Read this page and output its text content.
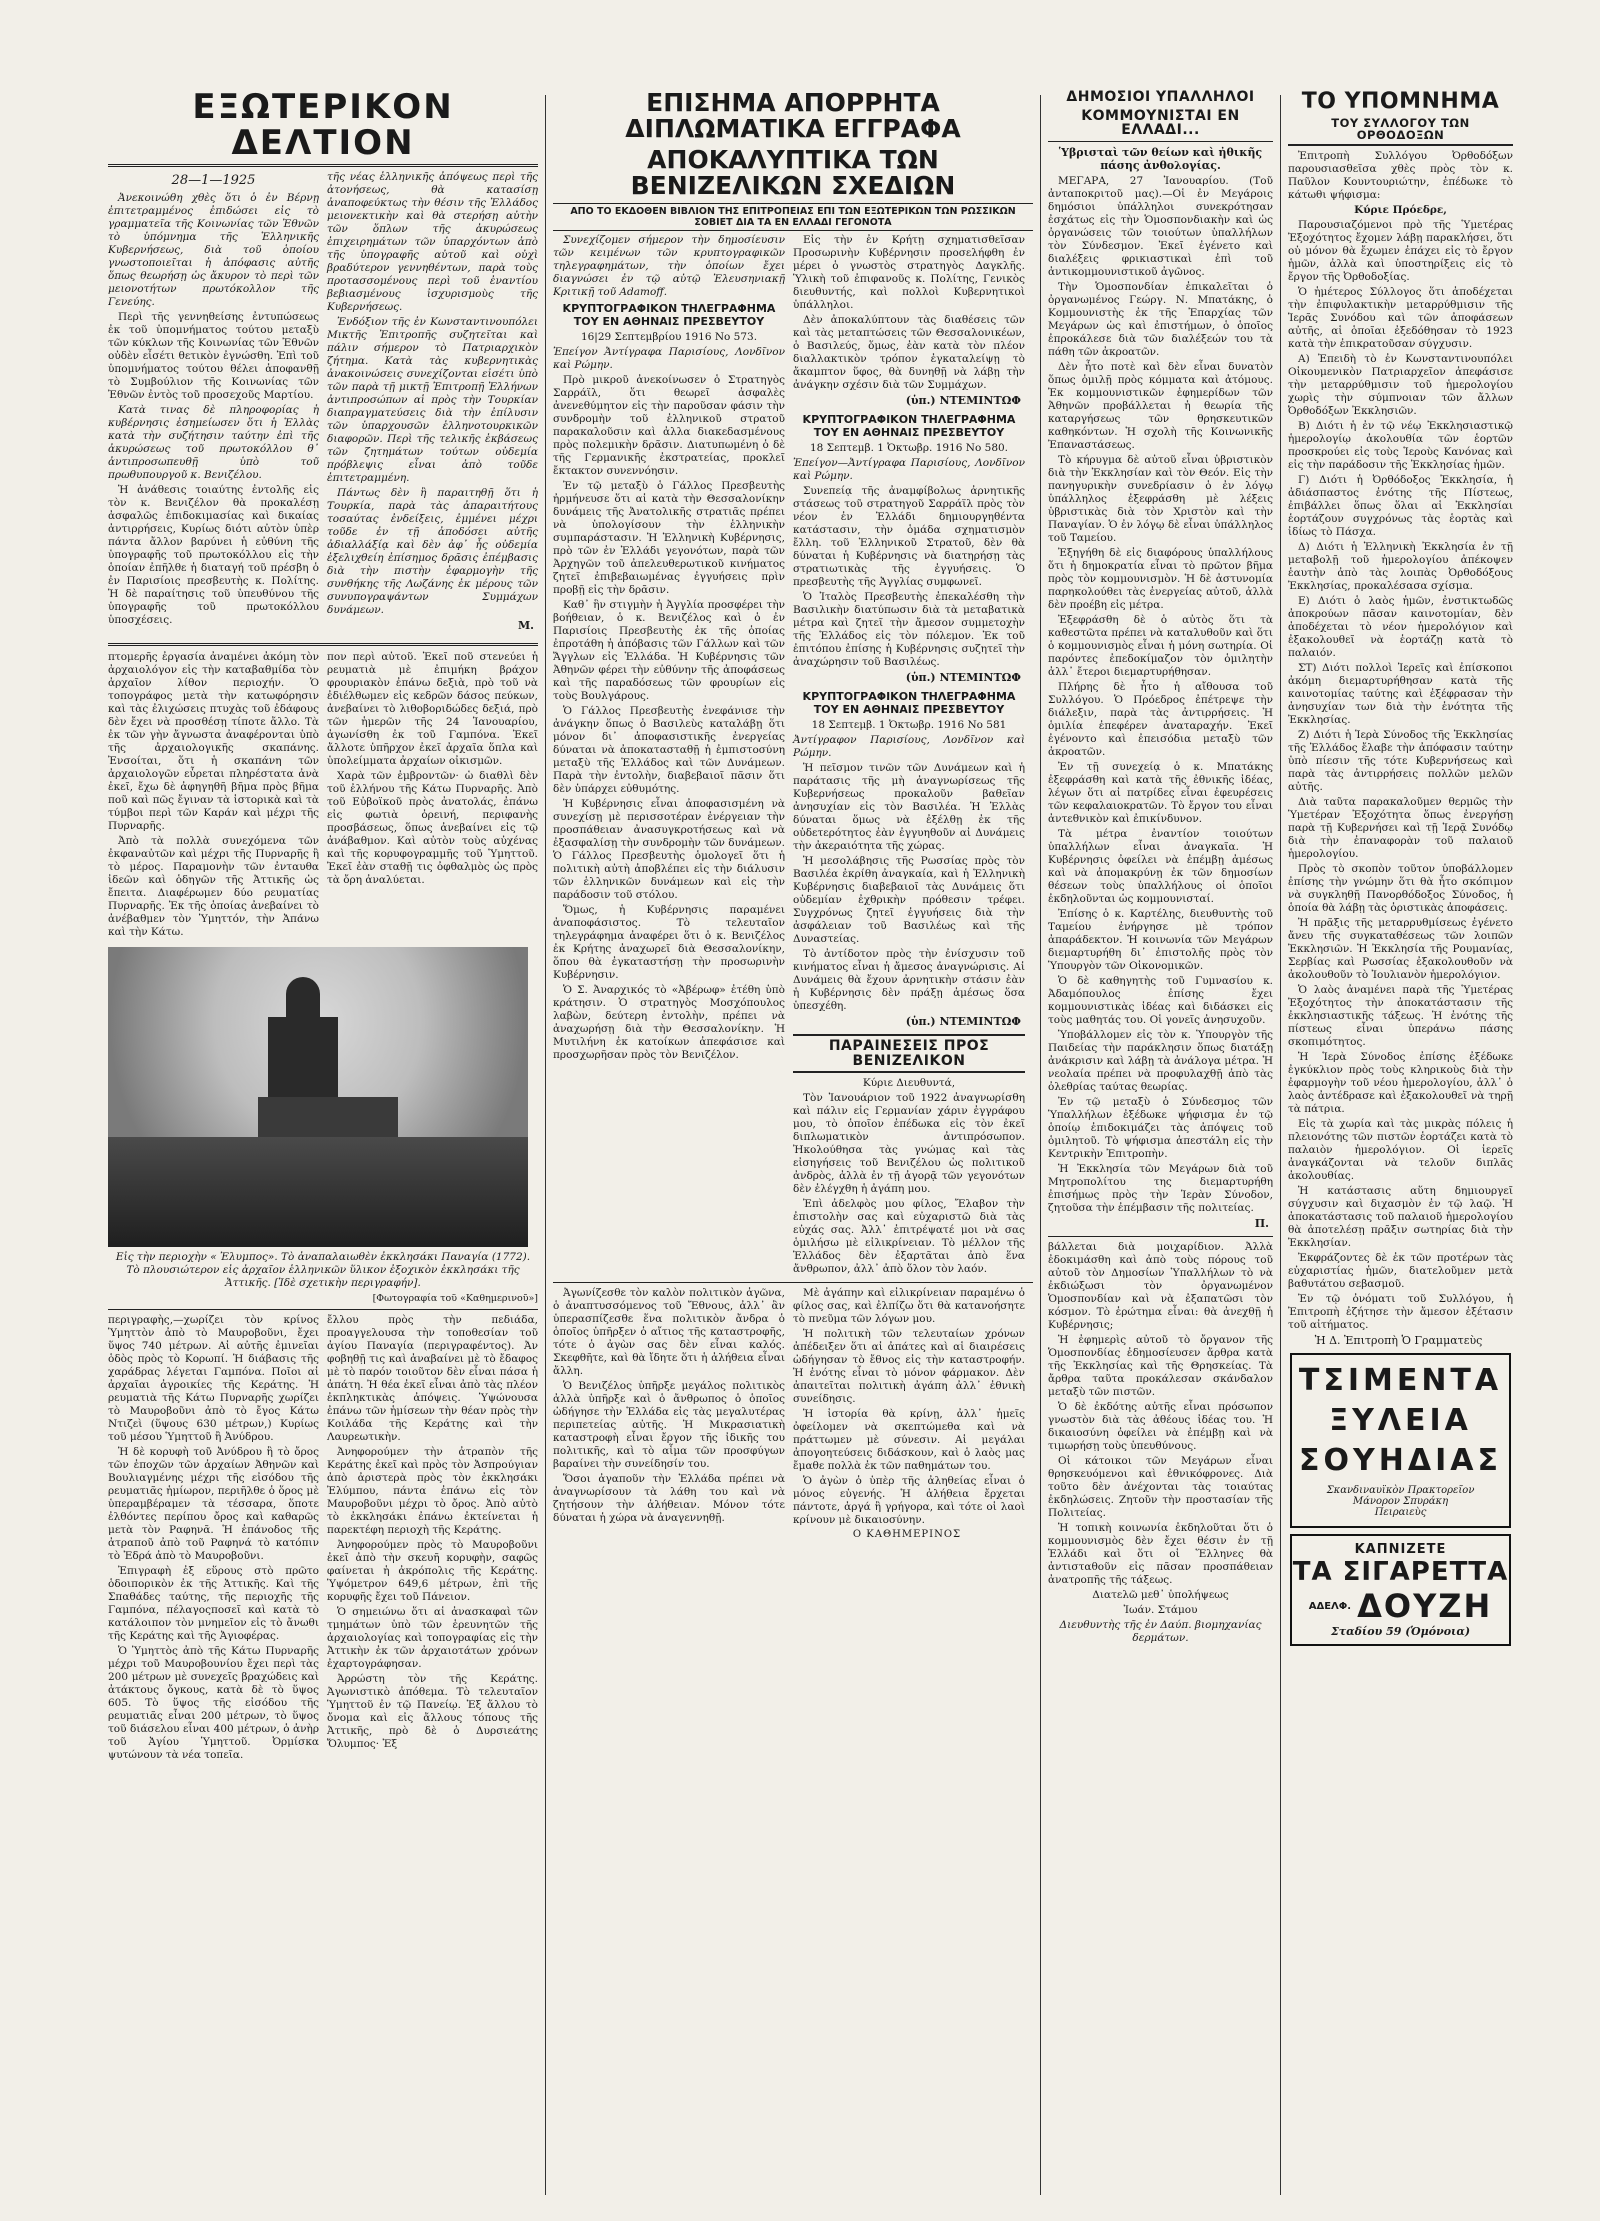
ΕΞΩΤΕΡΙΚΟΝ ΔΕΛΤΙΟΝ
28—1—1925

Ἀνεκοινώθη χθὲς ὅτι ὁ ἐν Βέρνῃ ἐπιτετραμμένος ἐπιδώσει εἰς τὸ γραμματεῖα τῆς Κοινωνίας τῶν Ἐθνῶν τὸ ὑπόμνημα τῆς Ἑλληνικῆς Κυβερνήσεως, διὰ τοῦ ὁποίου γνωστοποιεῖται ἡ ἀπόφασις αὐτῆς ὅπως θεωρήσῃ ὡς ἄκυρον τὸ περὶ τῶν μειονοτήτων πρωτόκολλον τῆς Γενεύης.

Περὶ τῆς γεννηθείσης ἐντυπώσεως ἐκ τοῦ ὑπομνήματος τούτου μεταξὺ τῶν κύκλων τῆς Κοινωνίας τῶν Ἐθνῶν οὐδὲν εἶσέτι θετικὸν ἐγνώσθη. Ἐπὶ τοῦ ὑπομνήματος τούτου θέλει ἀποφανθῇ τὸ Συμβούλιον τῆς Κοινωνίας τῶν Ἐθνῶν ἐντὸς τοῦ προσεχοῦς Μαρτίου.

Κατὰ τινας δὲ πληροφορίας ἡ κυβέρνησις ἐσημείωσεν ὅτι ἡ Ἑλλὰς κατὰ τὴν συζήτησιν ταύτην ἐπὶ τῆς ἀκυρώσεως τοῦ πρωτοκόλλου θ᾽ ἀντιπροσωπευθῇ ὑπὸ τοῦ πρωθυπουργοῦ κ. Βενιζέλου.

Ἡ ἀνάθεσις τοιαύτης ἐντολῆς εἰς τὸν κ. Βενιζέλον θὰ προκαλέσῃ ἀσφαλῶς ἐπιδοκιμασίας καὶ δικαίας ἀντιρρήσεις, Κυρίως διότι αὐτὸν ὑπὲρ πάντα ἄλλον βαρύνει ἡ εὐθύνη τῆς ὑπογραφῆς τοῦ πρωτοκόλλου εἰς τὴν ὁποίαν ἐπῆλθε ἡ διαταγή τοῦ πρέσβη ὁ ἐν Παρισίοις πρεσβευτὴς κ. Πολίτης. Ἡ δὲ παραίτησις τοῦ ὑπευθύνου τῆς ὑπογραφῆς τοῦ πρωτοκόλλου ὑποσχέσεις.

τῆς νέας ἑλληνικῆς ἀπόψεως περὶ τῆς ἀτονήσεως, θὰ κατασίσῃ ἀναποφεύκτως τὴν θέσιν τῆς Ἑλλάδος μειονεκτικὴν καὶ θὰ στερήσῃ αὐτὴν τῶν ὅπλων τῆς ἀκυρώσεως ἐπιχειρημάτων τῶν ὑπαρχόντων ἀπὸ τῆς ὑπογραφῆς αὐτοῦ καὶ οὐχὶ βραδύτερον γεννηθέντων, παρὰ τοὺς προτασσομένους περὶ τοῦ ἐναντίου βεβιασμένους ἰσχυρισμοὺς τῆς Κυβερνήσεως.

Ἐνδόξιον τῆς ἐν Κωνσταντινουπόλει Μικτῆς Ἐπιτροπῆς συζητεῖται καὶ πάλιν σήμερον τὸ Πατριαρχικὸν ζήτημα. Κατὰ τὰς κυβερνητικὰς ἀνακοινώσεις συνεχίζονται εἰσέτι ὑπὸ τῶν παρὰ τῇ μικτῇ Ἐπιτροπῇ Ἑλλήνων ἀντιπροσώπων αἱ πρὸς τὴν Τουρκίαν διαπραγματεύσεις διὰ τὴν ἐπίλυσιν τῶν ὑπαρχουσῶν ἑλληνοτουρκικῶν διαφορῶν. Περὶ τῆς τελικῆς ἐκβάσεως τῶν ζητημάτων τούτων οὐδεμία πρόβλεψις εἶναι ἀπὸ τοῦδε ἐπιτετραμμένη.

Πάντως δὲν ἢ παραιτηθῇ ὅτι ἡ Τουρκία, παρὰ τὰς ἀπαραιτήτους τοσαύτας ἐνδείξεις, ἐμμένει μέχρι τοῦδε ἐν τῇ ἀποδόσει αὐτῆς ἀδιαλλάξίᾳ καὶ δὲν ἀφ᾽ ἧς οὐδεμία ἐξελιχθείη ἐπίσημος δρᾶσις ἐπέμβασις διὰ τὴν πιστὴν ἐφαρμογὴν τῆς συνθήκης τῆς Λωζάνης ἐκ μέρους τῶν συνυπογραψάντων Συμμάχων δυνάμεων.

Μ.

πτομερῆς ἐργασία ἀναμένει ἀκόμη τὸν ἀρχαιολόγον εἰς τὴν καταβαθμίδα τὸν ἀρχαῖον λίθον περιοχήν. Ὁ τοπογράφος μετὰ τὴν κατωφόρησιν καὶ τὰς ἐλιχώσεις πτυχὰς τοῦ ἐδάφους δὲν ἔχει νὰ προσθέσῃ τίποτε ἄλλο. Τὰ ἐκ τῶν γὴν ἄγνωστα ἀναφέρονται ὑπὸ τῆς ἀρχαιολογικῆς σκαπάνης. Ἐνσοίται, ὅτι ἡ σκαπάνη τῶν ἀρχαιολογῶν εὗρεται πληρέστατα ἀνὰ ἐκεῖ, ἔχω δὲ ἀφηγηθῆ βῆμα πρὸς βῆμα ποῦ καὶ πῶς ἔγιναν τὰ ἱστορικὰ καὶ τὰ τύμβοι περὶ τῶν Καράν καὶ μέχρι τῆς Πυρναρῆς.

Ἀπὸ τὰ πολλὰ συνεχόμενα τῶν ἐκφαναὐτῶν καὶ μέχρι τῆς Πυρναρῆς ἢ τὸ μέρος. Παραμονὴν τῶν ἐνταυθα ἰδεῶν καὶ ὁδηγῶν τῆς Ἀττικῆς ὡς ἔπειτα. Διαφέρωμεν δύο ρευματίας Πυρναρῆς. Ἐκ τῆς ὁποίας ἀνεβαίνει τὸ ἀνέβαθμεν τὸν Ὑμηττόν, τὴν Ἀπάνω καὶ τὴν Κάτω.

πον περὶ αὐτοῦ. Ἐκεῖ ποῦ στενεύει ἡ ρευματιὰ μὲ ἐπιμήκη βράχον φρουριακὸν ἐπάνω δεξιὰ, πρὸ τοῦ νὰ ἐδιέλθωμεν εἰς κεδρῶν δάσος πεύκων, ἀνεβαίνει τὸ λιθοβοριδώδες δεξιά, πρὸ τῶν ἡμερῶν τῆς 24 Ἰανουαρίου, ἀγωνίσθη ἐκ τοῦ Γαμπόνα. Ἐκεῖ ἄλλοτε ὑπῆρχον ἐκεῖ ἀρχαῖα ὅπλα καὶ ὑπολείμματα ἀρχαίων οἰκισμῶν.

Χαρὰ τῶν ἐμβροντῶν· ὡ διαθλὶ δὲν τοῦ ἐλλήνου τῆς Κάτω Πυρναρῆς. Ἀπὸ τοῦ Εὐβοϊκοῦ πρὸς ἀνατολάς, ἐπάνω εἰς φωτιὰ ὀρεινή, περιφανὴς προσβάσεως, ὅπως ἀνεβαίνει εἰς τῷ ἀνάβαθμον. Καὶ αὐτὸν τοὺς αὐχένας καὶ τῆς κορυφογραμμῆς τοῦ Ὑμηττοῦ. Ἐκεῖ ἐὰν σταθῇ τις ὀφθαλμὸς ὡς πρὸς τὰ ὄρη ἀναλύεται.

Εἰς τὴν περιοχὴν « Ἐλυμπος». Τὸ ἀναπαλαιωθὲν ἐκκλησάκι Παναγία (1772). Τὸ πλουσιώτερον εἰς ἀρχαῖον ἑλληνικῶν ὕλικον ἐξοχικὸν ἐκκλησάκι τῆς Ἀττικῆς. [Ἰδὲ σχετικὴν περιγραφήν].
[Φωτογραφία τοῦ «Καθημερινοῦ»]

περιγραφὴς,—χωρίζει τὸν κρίνος Ὑμηττὸν ἀπὸ τὸ Μαυροβοῦνι, ἔχει ὕψος 740 μέτρων. Αἱ αὐτῆς ἐμινεῖαι ὁδὸς πρὸς τὸ Κορωπί. Ἡ διάβασις τῆς χαράδρας λέγεται Γαμπόνα. Ποῖοι αἱ ἀρχαῖαι ἀγροικίες τῆς Κεράτης. Ἡ ρευματιὰ τῆς Κάτω Πυρναρῆς χωρίζει τὸ Μαυροβοῦνι ἀπὸ τὸ ἔγος Κάτω Ντιζεὶ (ὕψους 630 μέτρων,) Κυρίως τοῦ μέσου Ὑμηττοῦ ἢ Ἀνύδρου.

Ἡ δὲ κορυφὴ τοῦ Ἀνύδρου ἢ τὸ ὄρος τῶν ἐποχῶν τῶν ἀρχαίων Ἀθηνῶν καὶ Βουλιαγμένης μέχρι τῆς εἰσόδου τῆς ρευματιᾶς ἡμίωρον, περιῆλθε ὁ ὅρος μὲ ὑπεραμβέραμεν τὰ τέσσαρα, ὅποτε ἐλθόντες περίπου ὄρος καὶ καθαρῶς μετὰ τὸν Ραφηνᾶ. Ἡ ἐπάνοδος τῆς ἀτραποῦ ἀπὸ τοῦ Ραφηνά τὸ κατόπιν τὸ Ἐδρά ἀπὸ τὸ Μαυροβοῦνι.

Ἐπιγραφὴ ἐξ εὕρους στὸ πρῶτο ὁδοιπορικὸν ἐκ τῆς Ἀττικῆς. Καὶ τῆς Σπαθάδες ταύτης, τῆς περιοχῆς τῆς Γαμπόνα, πέλαγοςποσεῖ καὶ κατὰ τὸ κατάλοιπον τὸν μνημεῖον εἰς τὸ ἄνωθι τῆς Κεράτης καὶ τῆς Ἀγιοφέρας.

Ὁ Ὑμηττὸς ἀπὸ τῆς Κάτω Πυρναρῆς μέχρι τοῦ Μαυροβουνίου ἔχει περὶ τὰς 200 μέτρων μὲ συνεχεῖς βραχώδεις καὶ ἀτάκτους ὄγκους, κατὰ δὲ τὸ ὕψος 605. Τὸ ὕψος τῆς εἰσόδου τῆς ρευματιᾶς εἶναι 200 μέτρων, τὸ ὕψος τοῦ διάσελου εἶναι 400 μέτρων, ὁ ἀνὴρ τοῦ Ἀγίου Ὑμηττοῦ. Ὀρμίσκα ψυτώνουν τὰ νέα τοπεῖα.

ἔλλου πρὸς τὴν πεδιάδα, προαγγελουσα τὴν τοποθεσίαν τοῦ ἀγίου Παναγία (περιγραφέντος). Ἀν φοβηθῇ τις καὶ ἀναβαίνει μὲ τὸ ἔδαφος μὲ τὸ παρόν τοιοῦτον δὲν εἶναι πάσα ἡ ἀπάτη. Ἠ θέα ἐκεῖ εἶναι ἀπὸ τὰς πλέον ἐκπληκτικὰς ἀπόψεις. Ὑψώνουσα ἐπάνω τῶν ἡμίσεων τὴν θέαν πρὸς τὴν Κοιλάδα τῆς Κεράτης καὶ τὴν Λαυρεωτικὴν.

Ἀνηφορούμεν τὴν ἀτραπὸν τῆς Κεράτης ἐκεῖ καὶ πρὸς τὸν Ἀσπρούγιαν ἀπὸ ἀριστερὰ πρὸς τὸν ἐκκλησάκι Ἐλύμπου, πάντα ἐπάνω εἰς τὸν Μαυροβοῦνι μέχρι τὸ ὄρος. Ἀπὸ αὐτὸ τὸ ἐκκλησάκι ἐπάνω ἐκτείνεται ἡ παρεκτέφη περιοχὴ τῆς Κεράτης.

Ἀνηφορούμεν πρὸς τὸ Μαυροβοῦνι ἐκεῖ ἀπὸ τὴν σκευῆ κορυφὴν, σαφῶς φαίνεται ἡ ἀκρόπολις τῆς Κεράτης. Ὑψόμετρον 649,6 μέτρων, ἐπὶ τῆς κορυφῆς ἔχει τοῦ Πάνειον.

Ὁ σημειώνω ὅτι αἱ ἀνασκαφαὶ τῶν τμημάτων ὑπὸ τῶν ἑρευνητῶν τῆς ἀρχαιολογίας καὶ τοπογραφίας εἰς τὴν Ἀττικὴν ἐκ τῶν ἀρχαιοτάτων χρόνων ἐχαρτογράφησαν.

Ἀρρώστη τὸν τῆς Κεράτης. Ἀγωνιστικὸ ἀπόθεμα. Τὸ τελευταῖον Ὑμηττοῦ ἐν τῷ Πανείῳ. Ἐξ ἄλλου τὸ ὄνομα καὶ εἰς ἄλλους τόπους τῆς Ἀττικῆς, πρὸ δὲ ὁ Δυρσιεάτης Ὄλυμπος· Ἐξ

ΕΠΙΣΗΜΑ ΑΠΟΡΡΗΤΑ ΔΙΠΛΩΜΑΤΙΚΑ ΕΓΓΡΑΦΑ
ΑΠΟΚΑΛΥΠΤΙΚΑ ΤΩΝ ΒΕΝΙΖΕΛΙΚΩΝ ΣΧΕΔΙΩΝ
ΑΠΟ ΤΟ ΕΚΔΟΘΕΝ ΒΙΒΛΙΟΝ ΤΗΣ ΕΠΙΤΡΟΠΕΙΑΣ ΕΠΙ ΤΩΝ ΕΞΩΤΕΡΙΚΩΝ ΤΩΝ ΡΩΣΣΙΚΩΝ ΣΟΒΙΕΤ ΔΙΑ ΤΑ ΕΝ ΕΛΛΑΔΙ ΓΕΓΟΝΟΤΑ

Συνεχίζομεν σήμερον τὴν δημοσίευσιν τῶν κειμένων τῶν κρυπτογραφικῶν τηλεγραφημάτων, τὴν ὁποίων ἔχει διαγνώσει ἐν τῷ αὐτῷ Ἐλευσηνιακῇ Κριτικῇ τοῦ Adamoff.

ΚΡΥΠΤΟΓΡΑΦΙΚΟΝ ΤΗΛΕΓΡΑΦΗΜΑ ΤΟΥ ΕΝ ΑΘΗΝΑΙΣ ΠΡΕΣΒΕΥΤΟΥ

16|29 Σεπτεμβρίου 1916 Νο 573.

Ἐπείγον Ἀντίγραφα Παρισίους, Λονδῖνον καὶ Ρώμην.

Πρὸ μικροῦ ἀνεκοίνωσεν ὁ Στρατηγὸς Σαρράϊλ, ὅτι θεωρεῖ ἀσφαλὲς ἀνενεθύμητον εἰς τὴν παροῦσαν φάσιν τὴν συνδρομὴν τοῦ ἑλληνικοῦ στρατοῦ παρακαλοῦσιν καὶ ἀλλα διακεδασμένους πρὸς πολεμικὴν δρᾶσιν. Διατυπωμένη ὁ δὲ τῆς Γερμανικῆς ἐκστρατείας, προκλεῖ ἔκτακτον συνεννόησιν.

Ἐν τῷ μεταξὺ ὁ Γάλλος Πρεσβευτὴς ἠρμήνευσε ὅτι αἱ κατὰ τὴν Θεσσαλονίκην δυνάμεις τῆς Ἀνατολικῆς στρατιᾶς πρέπει νὰ ὑπολογίσουν τὴν ἑλληνικὴν συμπαράστασιν. Ἡ Ἑλληνικὴ Κυβέρνησις, πρὸ τῶν ἐν Ἑλλάδι γεγονότων, παρὰ τῶν Ἀρχηγῶν τοῦ ἀπελευθερωτικοῦ κινήματος ζητεῖ ἐπιβεβαιωμένας ἐγγυήσεις πρὶν προβῇ εἰς τὴν δρᾶσιν.

Καθ᾽ ἣν στιγμὴν ἡ Ἀγγλία προσφέρει τὴν βοήθειαν, ὁ κ. Βενιζέλος καὶ ὁ ἐν Παρισίοις Πρεσβευτὴς ἐκ τῆς ὁποίας ἐπροτάθη ἡ ἀπόβασις τῶν Γάλλων καὶ τῶν Ἄγγλων εἰς Ἑλλάδα. Ἡ Κυβέρνησις τῶν Ἀθηνῶν φέρει τὴν εὐθύνην τῆς ἀποφάσεως καὶ τῆς παραδόσεως τῶν φρουρίων εἰς τοὺς Βουλγάρους.

Ὁ Γάλλος Πρεσβευτὴς ἐνεφάνισε τὴν ἀνάγκην ὅπως ὁ Βασιλεὺς καταλάβῃ ὅτι μόνον δι᾽ ἀποφασιστικῆς ἐνεργείας δύναται νὰ ἀποκατασταθῇ ἡ ἐμπιστοσύνη μεταξὺ τῆς Ἑλλάδος καὶ τῶν Δυνάμεων. Παρὰ τὴν ἐντολὴν, διαβεβαιοῖ πᾶσιν ὅτι δὲν ὑπάρχει εὐθυμότης.

Ἡ Κυβέρνησις εἶναι ἀποφασισμένη νὰ συνεχίσῃ μὲ περισσοτέραν ἐνέργειαν τὴν προσπάθειαν ἀνασυγκροτήσεως καὶ νὰ ἐξασφαλίσῃ τὴν συνδρομὴν τῶν δυνάμεων. Ὁ Γάλλος Πρεσβευτὴς ὁμολογεῖ ὅτι ἡ πολιτικὴ αὐτὴ ἀποβλέπει εἰς τὴν διάλυσιν τῶν ἑλληνικῶν δυνάμεων καὶ εἰς τὴν παράδοσιν τοῦ στόλου.

Ὅμως, ἡ Κυβέρνησις παραμένει ἀναποφάσιστος. Τὸ τελευταῖον τηλεγράφημα ἀναφέρει ὅτι ὁ κ. Βενιζέλος ἐκ Κρήτης ἀναχωρεῖ διὰ Θεσσαλονίκην, ὅπου θὰ ἐγκαταστήσῃ τὴν προσωρινὴν Κυβέρνησιν.

Ὁ Σ. Ἀναρχικός τὸ «Ἀβέρωφ» ἐτέθη ὑπὸ κράτησιν. Ὁ στρατηγὸς Μοσχόπουλος λαβὼν, δεύτερη ἐντολὴν, πρέπει νὰ ἀναχωρήσῃ διὰ τὴν Θεσσαλονίκην. Ἡ Μυτιλήνη ἐκ κατοίκων ἀπεφάσισε καὶ προσχωρῆσαν πρὸς τὸν Βενιζέλον.

Εἰς τὴν ἐν Κρήτῃ σχηματισθεῖσαν Προσωρινὴν Κυβέρνησιν προσελήφθη ἐν μέρει ὁ γνωστὸς στρατηγὸς Δαγκλῆς. Ὑλικὴ τοῦ ἐπιφανοῦς κ. Πολίτης, Γενικὸς διευθυντής, καὶ πολλοὶ Κυβερνητικοὶ ὑπάλληλοι.

Δὲν ἀποκαλύπτουν τὰς διαθέσεις τῶν καὶ τὰς μεταπτώσεις τῶν Θεσσαλονικέων, ὁ Βασιλεύς, ὅμως, ἐὰν κατὰ τὸν πλέον διαλλακτικὸν τρόπον ἐγκαταλείψῃ τὸ ἄκαμπτον ὕφος, θὰ δυνηθῇ νὰ λάβῃ τὴν ἀνάγκην σχέσιν διὰ τῶν Συμμάχων.

(ὑπ.) ΝΤΕΜΙΝΤΩΦ
ΚΡΥΠΤΟΓΡΑΦΙΚΟΝ ΤΗΛΕΓΡΑΦΗΜΑ ΤΟΥ ΕΝ ΑΘΗΝΑΙΣ ΠΡΕΣΒΕΥΤΟΥ

18 Σεπτεμβ. 1 Ὀκτωβρ. 1916 Νο 580.

Ἐπείγον—Ἀντίγραφα Παρισίους, Λονδῖνον καὶ Ρώμην.

Συνεπείᾳ τῆς ἀναμφίβολως ἀρνητικῆς στάσεως τοῦ στρατηγοῦ Σαρράϊλ πρὸς τὸν νέον ἐν Ἑλλάδι δημιουργηθέντα κατάστασιν, τὴν ὁμάδα σχηματισμὸν ἔλλη. τοῦ Ἑλληνικοῦ Στρατοῦ, δὲν θὰ δύναται ἡ Κυβέρνησις νὰ διατηρήσῃ τὰς στρατιωτικὰς τῆς ἐγγυήσεις. Ὁ πρεσβευτὴς τῆς Ἀγγλίας συμφωνεῖ.

Ὁ Ἰταλὸς Πρεσβευτὴς ἐπεκαλέσθη τὴν Βασιλικὴν διατύπωσιν διὰ τὰ μεταβατικὰ μέτρα καὶ ζητεῖ τὴν ἄμεσον συμμετοχὴν τῆς Ἑλλάδος εἰς τὸν πόλεμον. Ἐκ τοῦ ἐπιτόπου ἐπίσης ἡ Κυβέρνησις συζητεῖ τὴν ἀναχώρησιν τοῦ Βασιλέως.

(ὑπ.) ΝΤΕΜΙΝΤΩΦ
ΚΡΥΠΤΟΓΡΑΦΙΚΟΝ ΤΗΛΕΓΡΑΦΗΜΑ ΤΟΥ ΕΝ ΑΘΗΝΑΙΣ ΠΡΕΣΒΕΥΤΟΥ

18 Σεπτεμβ. 1 Ὀκτωβρ. 1916 Νο 581

Ἀντίγραφον Παρισίους, Λονδῖνον καὶ Ρώμην.

Ἡ πεῖσμον τινῶν τῶν Δυνάμεων καὶ ἡ παράτασις τῆς μὴ ἀναγνωρίσεως τῆς Κυβερνήσεως προκαλοῦν βαθεῖαν ἀνησυχίαν εἰς τὸν Βασιλέα. Ἡ Ἑλλὰς δύναται ὅμως νὰ ἐξέλθῃ ἐκ τῆς οὐδετερότητος ἐὰν ἐγγυηθοῦν αἱ Δυνάμεις τὴν ἀκεραιότητα τῆς χώρας.

Ἡ μεσολάβησις τῆς Ρωσσίας πρὸς τὸν Βασιλέα ἐκρίθη ἀναγκαία, καὶ ἡ Ἑλληνικὴ Κυβέρνησις διαβεβαιοῖ τὰς Δυνάμεις ὅτι οὐδεμίαν ἐχθρικὴν πρόθεσιν τρέφει. Συγχρόνως ζητεῖ ἐγγυήσεις διὰ τὴν ἀσφάλειαν τοῦ Βασιλέως καὶ τῆς Δυναστείας.

Τὸ ἀντίδοτον πρὸς τὴν ἐνίσχυσιν τοῦ κινήματος εἶναι ἡ ἄμεσος ἀναγνώρισις. Αἱ Δυνάμεις θὰ ἔχουν ἀρνητικὴν στάσιν ἐὰν ἡ Κυβέρνησις δὲν πράξῃ ἀμέσως ὅσα ὑπεσχέθη.

(ὑπ.) ΝΤΕΜΙΝΤΩΦ
ΠΑΡΑΙΝΕΣΕΙΣ ΠΡΟΣ ΒΕΝΙΖΕΛΙΚΟΝ

Κύριε Διευθυντά,

Τὸν Ἰανουάριον τοῦ 1922 ἀναγνωρίσθη καὶ πάλιν εἰς Γερμανίαν χάριν ἐγγράφου μου, τὸ ὁποῖον ἐπέδωκα εἰς τὸν ἐκεῖ διπλωματικὸν ἀντιπρόσωπον. Ἠκολούθησα τὰς γνώμας καὶ τὰς εἰσηγήσεις τοῦ Βενιζέλου ὡς πολιτικοῦ ἀνδρὸς, ἀλλὰ ἐν τῇ ἀγορᾷ τῶν γεγονότων δὲν ἐλέγχθη ἡ ἀγάπη μου.

Ἐπὶ ἀδελφὸς μου φίλος, Ἔλαβον τὴν ἐπιστολὴν σας καὶ εὐχαριστῶ διὰ τὰς εὐχάς σας. Ἀλλ᾽ ἐπιτρέψατέ μοι νὰ σας ὁμιλήσω μὲ εἰλικρίνειαν. Τὸ μέλλον τῆς Ἑλλάδος δὲν ἐξαρτᾶται ἀπὸ ἕνα ἄνθρωπον, ἀλλ᾽ ἀπὸ ὅλον τὸν λαόν.

Ἀγωνίζεσθε τὸν καλὸν πολιτικὸν ἀγῶνα, ὁ ἀναπτυσσόμενος τοῦ Ἔθνους, ἀλλ᾽ ἂν ὑπερασπίζεσθε ἕνα πολιτικὸν ἄνδρα ὁ ὁποῖος ὑπῆρξεν ὁ αἴτιος τῆς καταστροφῆς, τότε ὁ ἀγὼν σας δὲν εἶναι καλός. Σκεφθῆτε, καὶ θὰ ἴδητε ὅτι ἡ ἀλήθεια εἶναι ἄλλη.

Ὁ Βενιζέλος ὑπῆρξε μεγάλος πολιτικὸς ἀλλὰ ὑπῆρξε καὶ ὁ ἄνθρωπος ὁ ὁποῖος ὠδήγησε τὴν Ἑλλάδα εἰς τὰς μεγαλυτέρας περιπετείας αὐτῆς. Ἡ Μικρασιατικὴ καταστροφὴ εἶναι ἔργον τῆς ἰδικῆς του πολιτικῆς, καὶ τὸ αἷμα τῶν προσφύγων βαραίνει τὴν συνείδησίν του.

Ὅσοι ἀγαποῦν τὴν Ἑλλάδα πρέπει νὰ ἀναγνωρίσουν τὰ λάθη του καὶ νὰ ζητήσουν τὴν ἀλήθειαν. Μόνον τότε δύναται ἡ χώρα νὰ ἀναγεννηθῇ.

Μὲ ἀγάπην καὶ εἰλικρίνειαν παραμένω ὁ φίλος σας, καὶ ἐλπίζω ὅτι θὰ κατανοήσητε τὸ πνεῦμα τῶν λόγων μου.

Ἡ πολιτικὴ τῶν τελευταίων χρόνων ἀπέδειξεν ὅτι αἱ ἀπάτες καὶ αἱ διαιρέσεις ὠδήγησαν τὸ ἔθνος εἰς τὴν καταστροφήν. Ἡ ἐνότης εἶναι τὸ μόνον φάρμακον. Δὲν ἀπαιτεῖται πολιτικὴ ἀγάπη ἀλλ᾽ ἐθνικὴ συνείδησις.

Ἡ ἱστορία θὰ κρίνῃ, ἀλλ᾽ ἡμεῖς ὀφείλομεν νὰ σκεπτώμεθα καὶ νὰ πράττωμεν μὲ σύνεσιν. Αἱ μεγάλαι ἀπογοητεύσεις διδάσκουν, καὶ ὁ λαὸς μας ἔμαθε πολλὰ ἐκ τῶν παθημάτων του.

Ὁ ἀγὼν ὁ ὑπὲρ τῆς ἀληθείας εἶναι ὁ μόνος εὐγενής. Ἡ ἀλήθεια ἔρχεται πάντοτε, ἀργά ἢ γρήγορα, καὶ τότε οἱ λαοὶ κρίνουν μὲ δικαιοσύνην.

Ο ΚΑΘΗΜΕΡΙΝΟΣ
ΔΗΜΟΣΙΟΙ ΥΠΑΛΛΗΛΟΙ
ΚΟΜΜΟΥΝΙΣΤΑΙ ΕΝ ΕΛΛΑΔΙ...
Ὑβρισταὶ τῶν θείων καὶ ἠθικῆς πάσης ἀνθολογίας.

ΜΕΓΑΡΑ, 27 Ἰανουαρίου. (Τοῦ ἀνταποκριτοῦ μας).—Οἱ ἐν Μεγάροις δημόσιοι ὑπάλληλοι συνεκρότησαν ἐσχάτως εἰς τὴν Ὁμοσπονδιακὴν καὶ ὡς ὀργανώσεις τῶν τοιούτων ὑπαλλήλων τὸν Σύνδεσμον. Ἐκεῖ ἐγένετο καὶ διαλέξεις φρικιαστικαὶ ἐπὶ τοῦ ἀντικομμουνιστικοῦ ἀγῶνος.

Τὴν Ὁμοσπονδίαν ἐπικαλεῖται ὁ ὀργανωμένος Γεώργ. Ν. Μπατάκης, ὁ Κομμουνιστὴς ἐκ τῆς Ἐπαρχίας τῶν Μεγάρων ὡς καὶ ἐπιστήμων, ὁ ὁποῖος ἐπροκάλεσε διὰ τῶν διαλέξεών του τὰ πάθη τῶν ἀκροατῶν.

Δὲν ἦτο ποτὲ καὶ δὲν εἶναι δυνατὸν ὅπως ὁμιλῇ πρὸς κόμματα καὶ ἀτόμους. Ἐκ κομμουνιστικῶν ἐφημερίδων τῶν Ἀθηνῶν προβάλλεται ἡ θεωρία τῆς καταργήσεως τῶν θρησκευτικῶν καθηκόντων. Ἡ σχολὴ τῆς Κοινωνικῆς Ἐπαναστάσεως.

Τὸ κήρυγμα δὲ αὐτοῦ εἶναι ὑβριστικὸν διὰ τὴν Ἐκκλησίαν καὶ τὸν Θεόν. Εἰς τὴν πανηγυρικὴν συνεδρίασιν ὁ ἐν λόγῳ ὑπάλληλος ἐξεφράσθη μὲ λέξεις ὑβριστικὰς διὰ τὸν Χριστὸν καὶ τὴν Παναγίαν. Ὁ ἐν λόγῳ δὲ εἶναι ὑπάλληλος τοῦ Ταμείου.

Ἐξηγήθη δὲ εἰς διαφόρους ὑπαλλήλους ὅτι ἡ δημοκρατία εἶναι τὸ πρῶτον βῆμα πρὸς τὸν κομμουνισμὸν. Ἡ δὲ ἀστυνομία παρηκολούθει τὰς ἐνεργείας αὐτοῦ, ἀλλὰ δὲν προέβη εἰς μέτρα.

Ἐξεφράσθη δὲ ὁ αὐτὸς ὅτι τὰ καθεστῶτα πρέπει νὰ καταλυθοῦν καὶ ὅτι ὁ κομμουνισμὸς εἶναι ἡ μόνη σωτηρία. Οἱ παρόντες ἐπεδοκίμαζον τὸν ὁμιλητὴν ἀλλ᾽ ἔτεροι διεμαρτυρήθησαν.

Πλήρης δὲ ἦτο ἡ αἴθουσα τοῦ Συλλόγου. Ὁ Πρόεδρος ἐπέτρεψε τὴν διάλεξιν, παρὰ τὰς ἀντιρρήσεις. Ἡ ὁμιλία ἐπεφέρεν ἀναταραχήν. Ἐκεῖ ἐγένοντο καὶ ἐπεισόδια μεταξὺ τῶν ἀκροατῶν.

Ἐν τῇ συνεχείᾳ ὁ κ. Μπατάκης ἐξεφράσθη καὶ κατὰ τῆς ἐθνικῆς ἰδέας, λέγων ὅτι αἱ πατρίδες εἶναι ἐφευρέσεις τῶν κεφαλαιοκρατῶν. Τὸ ἔργον του εἶναι ἀντεθνικὸν καὶ ἐπικίνδυνον.

Τὰ μέτρα ἐναντίον τοιούτων ὑπαλλήλων εἶναι ἀναγκαῖα. Ἡ Κυβέρνησις ὀφείλει νὰ ἐπέμβῃ ἀμέσως καὶ νὰ ἀπομακρύνῃ ἐκ τῶν δημοσίων θέσεων τοὺς ὑπαλλήλους οἱ ὁποῖοι ἐκδηλοῦνται ὡς κομμουνισταί.

Ἐπίσης ὁ κ. Καρτέλης, διευθυντὴς τοῦ Ταμείου ἐνήργησε μὲ τρόπον ἀπαράδεκτον. Ἡ κοινωνία τῶν Μεγάρων διεμαρτυρήθη δι᾽ ἐπιστολῆς πρὸς τὸν Ὑπουργὸν τῶν Οἰκονομικῶν.

Ὁ δὲ καθηγητὴς τοῦ Γυμνασίου κ. Ἀδαμόπουλος ἐπίσης ἔχει κομμουνιστικὰς ἰδέας καὶ διδάσκει εἰς τοὺς μαθητάς του. Οἱ γονεῖς ἀνησυχοῦν.

Ὑποβάλλομεν εἰς τὸν κ. Ὑπουργὸν τῆς Παιδείας τὴν παράκλησιν ὅπως διατάξῃ ἀνάκρισιν καὶ λάβῃ τὰ ἀνάλογα μέτρα. Ἡ νεολαία πρέπει νὰ προφυλαχθῇ ἀπὸ τὰς ὀλεθρίας ταύτας θεωρίας.

Ἐν τῷ μεταξὺ ὁ Σύνδεσμος τῶν Ὑπαλλήλων ἐξέδωκε ψήφισμα ἐν τῷ ὁποίῳ ἐπιδοκιμάζει τὰς ἀπόψεις τοῦ ὁμιλητοῦ. Τὸ ψήφισμα ἀπεστάλη εἰς τὴν Κεντρικὴν Ἐπιτροπὴν.

Ἡ Ἐκκλησία τῶν Μεγάρων διὰ τοῦ Μητροπολίτου της διεμαρτυρήθη ἐπισήμως πρὸς τὴν Ἱερὰν Σύνοδον, ζητοῦσα τὴν ἐπέμβασιν τῆς πολιτείας.

Π.

βάλλεται διὰ μοιχαρίδιον. Ἀλλὰ ἐδοκιμάσθη καὶ ἀπὸ τοὺς πόρους τοῦ αὐτοῦ τὸν Δημοσίων Ὑπαλλήλων τὸ νὰ ἐκδιώξωσι τὸν ὀργανωμένον Ὁμοσπονδίαν καὶ νὰ ἐξαπατῶσι τὸν κόσμον. Τὸ ἐρώτημα εἶναι: θὰ ἀνεχθῇ ἡ Κυβέρνησις;

Ἡ ἐφημερὶς αὐτοῦ τὸ ὄργανον τῆς Ὁμοσπονδίας ἐδημοσίευσεν ἄρθρα κατὰ τῆς Ἐκκλησίας καὶ τῆς Θρησκείας. Τὰ ἄρθρα ταῦτα προκάλεσαν σκάνδαλον μεταξὺ τῶν πιστῶν.

Ὁ δὲ ἐκδότης αὐτῆς εἶναι πρόσωπον γνωστὸν διὰ τὰς ἀθέους ἰδέας του. Ἡ δικαιοσύνη ὀφείλει νὰ ἐπέμβῃ καὶ νὰ τιμωρήσῃ τοὺς ὑπευθύνους.

Οἱ κάτοικοι τῶν Μεγάρων εἶναι θρησκευόμενοι καὶ ἐθνικόφρονες. Διὰ τοῦτο δὲν ἀνέχονται τὰς τοιαύτας ἐκδηλώσεις. Ζητοῦν τὴν προστασίαν τῆς Πολιτείας.

Ἡ τοπικὴ κοινωνία ἐκδηλοῦται ὅτι ὁ κομμουνισμὸς δὲν ἔχει θέσιν ἐν τῇ Ἑλλάδι καὶ ὅτι οἱ Ἕλληνες θὰ ἀντισταθοῦν εἰς πᾶσαν προσπάθειαν ἀνατροπῆς τῆς τάξεως.

Διατελῶ μεθ᾽ ὑπολήψεως

Ἰωάν. Στάμου

Διευθυντὴς τῆς ἐν Δαύπ. βιομηχανίας δερμάτων.

ΤΟ ΥΠΟΜΝΗΜΑ
ΤΟΥ ΣΥΛΛΟΓΟΥ ΤΩΝ ΟΡΘΟΔΟΞΩΝ

Ἐπιτροπὴ Συλλόγου Ὀρθοδόξων παρουσιασθεῖσα χθὲς πρὸς τὸν κ. Παῦλον Κουντουριώτην, ἐπέδωκε τὸ κάτωθι ψήφισμα:

Κύριε Πρόεδρε,

Παρουσιαζόμενοι πρὸ τῆς Ὑμετέρας Ἐξοχότητος ἔχομεν λάβῃ παρακλήσει, ὅτι οὐ μόνον θὰ ἔχωμεν ἐπάχει εἰς τὸ ἔργον ἡμῶν, ἀλλὰ καὶ ὑποστηρίξεις εἰς τὸ ἔργον τῆς Ὀρθοδοξίας.

Ὁ ἡμέτερος Σύλλογος ὅτι ἀποδέχεται τὴν ἐπιφυλακτικὴν μεταρρύθμισιν τῆς Ἱερᾶς Συνόδου καὶ τῶν ἀποφάσεων αὐτῆς, αἱ ὁποῖαι ἐξεδόθησαν τὸ 1923 κατὰ τὴν ἐπικρατοῦσαν σύγχυσιν.

Α) Ἐπειδὴ τὸ ἐν Κωνσταντινουπόλει Οἰκουμενικὸν Πατριαρχεῖον ἀπεφάσισε τὴν μεταρρύθμισιν τοῦ ἡμερολογίου χωρὶς τὴν σύμπνοιαν τῶν ἄλλων Ὀρθοδόξων Ἐκκλησιῶν.

Β) Διότι ἡ ἐν τῷ νέῳ Ἐκκλησιαστικῷ ἡμερολογίῳ ἀκολουθία τῶν ἑορτῶν προσκρούει εἰς τοὺς Ἱεροὺς Κανόνας καὶ εἰς τὴν παράδοσιν τῆς Ἐκκλησίας ἡμῶν.

Γ) Διότι ἡ Ὀρθόδοξος Ἐκκλησία, ἡ ἀδιάσπαστος ἑνότης τῆς Πίστεως, ἐπιβάλλει ὅπως ὅλαι αἱ Ἐκκλησίαι ἑορτάζουν συγχρόνως τὰς ἑορτὰς καὶ ἰδίως τὸ Πάσχα.

Δ) Διότι ἡ Ἑλληνικὴ Ἐκκλησία ἐν τῇ μεταβολῇ τοῦ ἡμερολογίου ἀπέκοψεν ἑαυτὴν ἀπὸ τὰς λοιπὰς Ὀρθοδόξους Ἐκκλησίας, προκαλέσασα σχίσμα.

Ε) Διότι ὁ λαὸς ἡμῶν, ἐνστικτωδῶς ἀποκρούων πᾶσαν καινοτομίαν, δὲν ἀποδέχεται τὸ νέον ἡμερολόγιον καὶ ἐξακολουθεῖ νὰ ἑορτάζῃ κατὰ τὸ παλαιόν.

ΣΤ) Διότι πολλοὶ Ἱερεῖς καὶ ἐπίσκοποι ἀκόμη διεμαρτυρήθησαν κατὰ τῆς καινοτομίας ταύτης καὶ ἐξέφρασαν τὴν ἀνησυχίαν των διὰ τὴν ἑνότητα τῆς Ἐκκλησίας.

Ζ) Διότι ἡ Ἱερὰ Σύνοδος τῆς Ἐκκλησίας τῆς Ἑλλάδος ἔλαβε τὴν ἀπόφασιν ταύτην ὑπὸ πίεσιν τῆς τότε Κυβερνήσεως καὶ παρὰ τὰς ἀντιρρήσεις πολλῶν μελῶν αὐτῆς.

Διὰ ταῦτα παρακαλοῦμεν θερμῶς τὴν Ὑμετέραν Ἐξοχότητα ὅπως ἐνεργήσῃ παρὰ τῇ Κυβερνήσει καὶ τῇ Ἱερᾷ Συνόδῳ διὰ τὴν ἐπαναφορὰν τοῦ παλαιοῦ ἡμερολογίου.

Πρὸς τὸ σκοπὸν τοῦτον ὑποβάλλομεν ἐπίσης τὴν γνώμην ὅτι θὰ ἦτο σκόπιμον νὰ συγκληθῇ Πανορθόδοξος Σύνοδος, ἡ ὁποία θὰ λάβῃ τὰς ὁριστικὰς ἀποφάσεις.

Ἡ πρᾶξις τῆς μεταρρυθμίσεως ἐγένετο ἄνευ τῆς συγκαταθέσεως τῶν λοιπῶν Ἐκκλησιῶν. Ἡ Ἐκκλησία τῆς Ρουμανίας, Σερβίας καὶ Ρωσσίας ἐξακολουθοῦν νὰ ἀκολουθοῦν τὸ Ἰουλιανὸν ἡμερολόγιον.

Ὁ λαὸς ἀναμένει παρὰ τῆς Ὑμετέρας Ἐξοχότητος τὴν ἀποκατάστασιν τῆς ἐκκλησιαστικῆς τάξεως. Ἡ ἑνότης τῆς πίστεως εἶναι ὑπεράνω πάσης σκοπιμότητος.

Ἡ Ἱερὰ Σύνοδος ἐπίσης ἐξέδωκε ἐγκύκλιον πρὸς τοὺς κληρικοὺς διὰ τὴν ἐφαρμογὴν τοῦ νέου ἡμερολογίου, ἀλλ᾽ ὁ λαὸς ἀντέδρασε καὶ ἐξακολουθεῖ νὰ τηρῇ τὰ πάτρια.

Εἰς τὰ χωρία καὶ τὰς μικρὰς πόλεις ἡ πλειονότης τῶν πιστῶν ἑορτάζει κατὰ τὸ παλαιὸν ἡμερολόγιον. Οἱ ἱερεῖς ἀναγκάζονται νὰ τελοῦν διπλᾶς ἀκολουθίας.

Ἡ κατάστασις αὕτη δημιουργεῖ σύγχυσιν καὶ διχασμὸν ἐν τῷ λαῷ. Ἡ ἀποκατάστασις τοῦ παλαιοῦ ἡμερολογίου θὰ ἀποτελέσῃ πρᾶξιν σωτηρίας διὰ τὴν Ἐκκλησίαν.

Ἐκφράζοντες δὲ ἐκ τῶν προτέρων τὰς εὐχαριστίας ἡμῶν, διατελοῦμεν μετὰ βαθυτάτου σεβασμοῦ.

Ἐν τῷ ὀνόματι τοῦ Συλλόγου, ἡ Ἐπιτροπὴ ἐζήτησε τὴν ἄμεσον ἐξέτασιν τοῦ αἰτήματος.

Ἡ Δ. Ἐπιτροπὴ Ὁ Γραμματεὺς
ΤΣΙΜΕΝΤΑ
ΞΥΛΕΙΑ
ΣΟΥΗΔΙΑΣ
Σκανδιναυϊκὸν Πρακτορεῖον
Μάνορον Σπυράκη
Πειραιεὺς
ΚΑΠΝΙΖΕΤΕ
ΤΑ ΣΙΓΑΡΕΤΤΑ
ΑΔΕΛΦ. ΔΟΥΖΗ
Σταδίου 59 (Ὁμόνοια)
